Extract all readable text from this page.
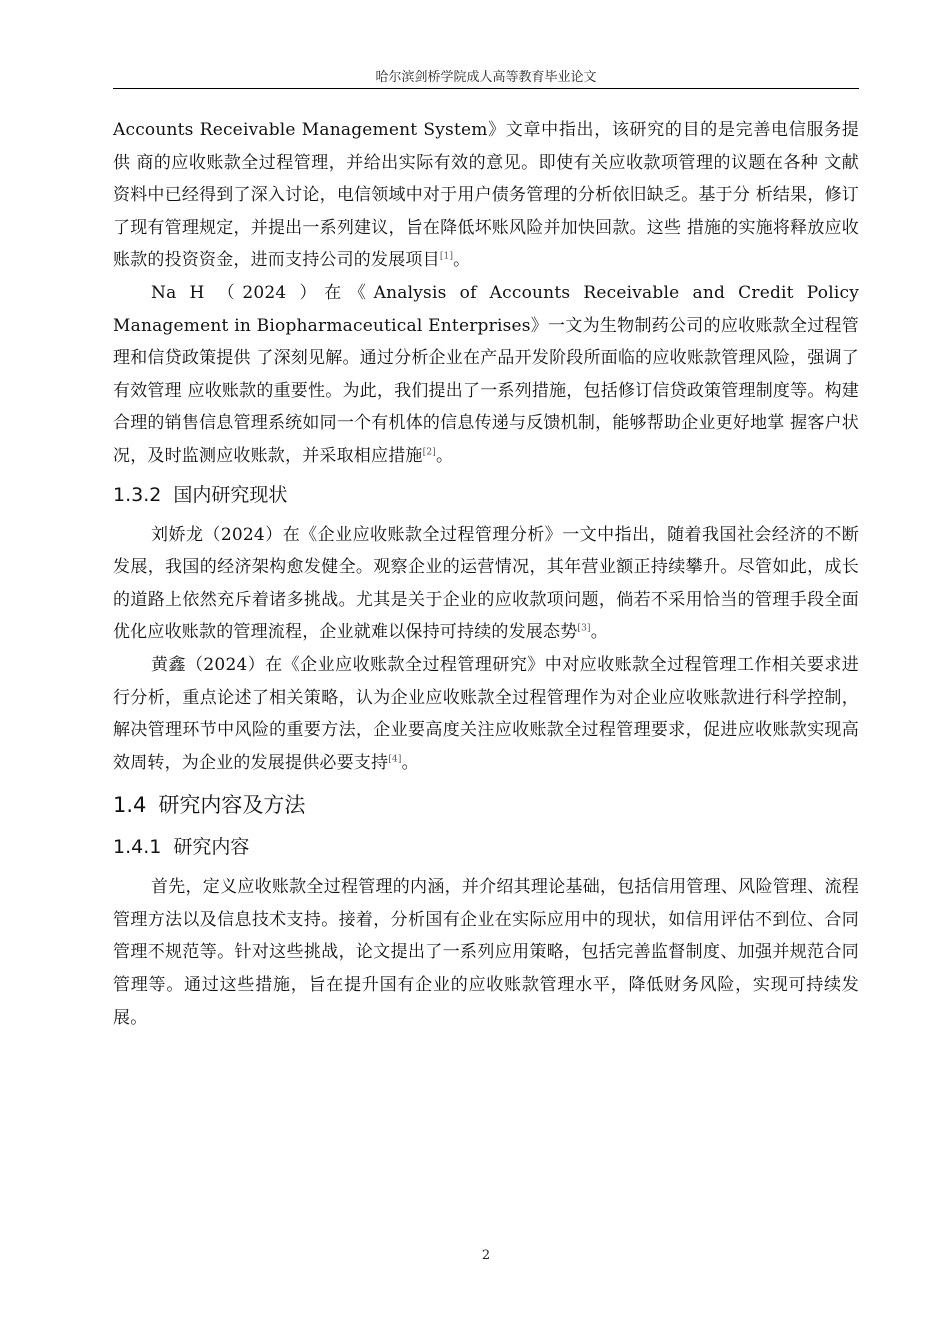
哈尔滨剑桥学院成人高等教育毕业论文

Accounts Receivable Management System》文章中指出，该研究的目的是完善电信服务提供 商的应收账款全过程管理，并给出实际有效的意见。即使有关应收款项管理的议题在各种 文献资料中已经得到了深入讨论，电信领域中对于用户债务管理的分析依旧缺乏。基于分 析结果，修订了现有管理规定，并提出一系列建议，旨在降低坏账风险并加快回款。这些 措施的实施将释放应收账款的投资资金，进而支持公司的发展项目[1]。

Na H （2024 ）在《Analysis of Accounts Receivable and Credit Policy Management in Biopharmaceutical Enterprises》一文为生物制药公司的应收账款全过程管理和信贷政策提供 了深刻见解。通过分析企业在产品开发阶段所面临的应收账款管理风险，强调了有效管理 应收账款的重要性。为此，我们提出了一系列措施，包括修订信贷政策管理制度等。构建 合理的销售信息管理系统如同一个有机体的信息传递与反馈机制，能够帮助企业更好地掌 握客户状况，及时监测应收账款，并采取相应措施[2]。

1.3.2 国内研究现状

刘娇龙（2024）在《企业应收账款全过程管理分析》一文中指出，随着我国社会经济的不断发展，我国的经济架构愈发健全。观察企业的运营情况，其年营业额正持续攀升。尽管如此，成长的道路上依然充斥着诸多挑战。尤其是关于企业的应收款项问题，倘若不采用恰当的管理手段全面优化应收账款的管理流程，企业就难以保持可持续的发展态势[3]。

黄鑫（2024）在《企业应收账款全过程管理研究》中对应收账款全过程管理工作相关要求进行分析，重点论述了相关策略，认为企业应收账款全过程管理作为对企业应收账款进行科学控制，解决管理环节中风险的重要方法，企业要高度关注应收账款全过程管理要求，促进应收账款实现高效周转，为企业的发展提供必要支持[4]。

1.4 研究内容及方法
1.4.1 研究内容

首先，定义应收账款全过程管理的内涵，并介绍其理论基础，包括信用管理、风险管理、流程管理方法以及信息技术支持。接着，分析国有企业在实际应用中的现状，如信用评估不到位、合同管理不规范等。针对这些挑战，论文提出了一系列应用策略，包括完善监督制度、加强并规范合同管理等。通过这些措施，旨在提升国有企业的应收账款管理水平，降低财务风险，实现可持续发展。

2
